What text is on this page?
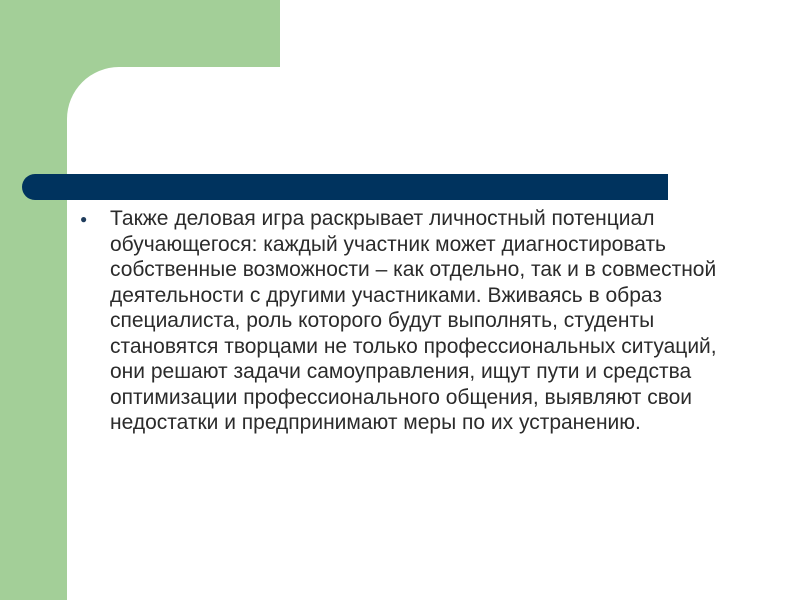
●	Также деловая игра раскрывает личностный потенциал обучающегося: каждый участник может диагностировать собственные возможности – как отдельно, так и в совместной деятельности с другими участниками. Вживаясь в образ специалиста, роль которого будут выполнять, студенты становятся творцами не только профессиональных ситуаций, они решают задачи самоуправления, ищут пути и средства оптимизации профессионального общения, выявляют свои недостатки и предпринимают меры по их устранению.
